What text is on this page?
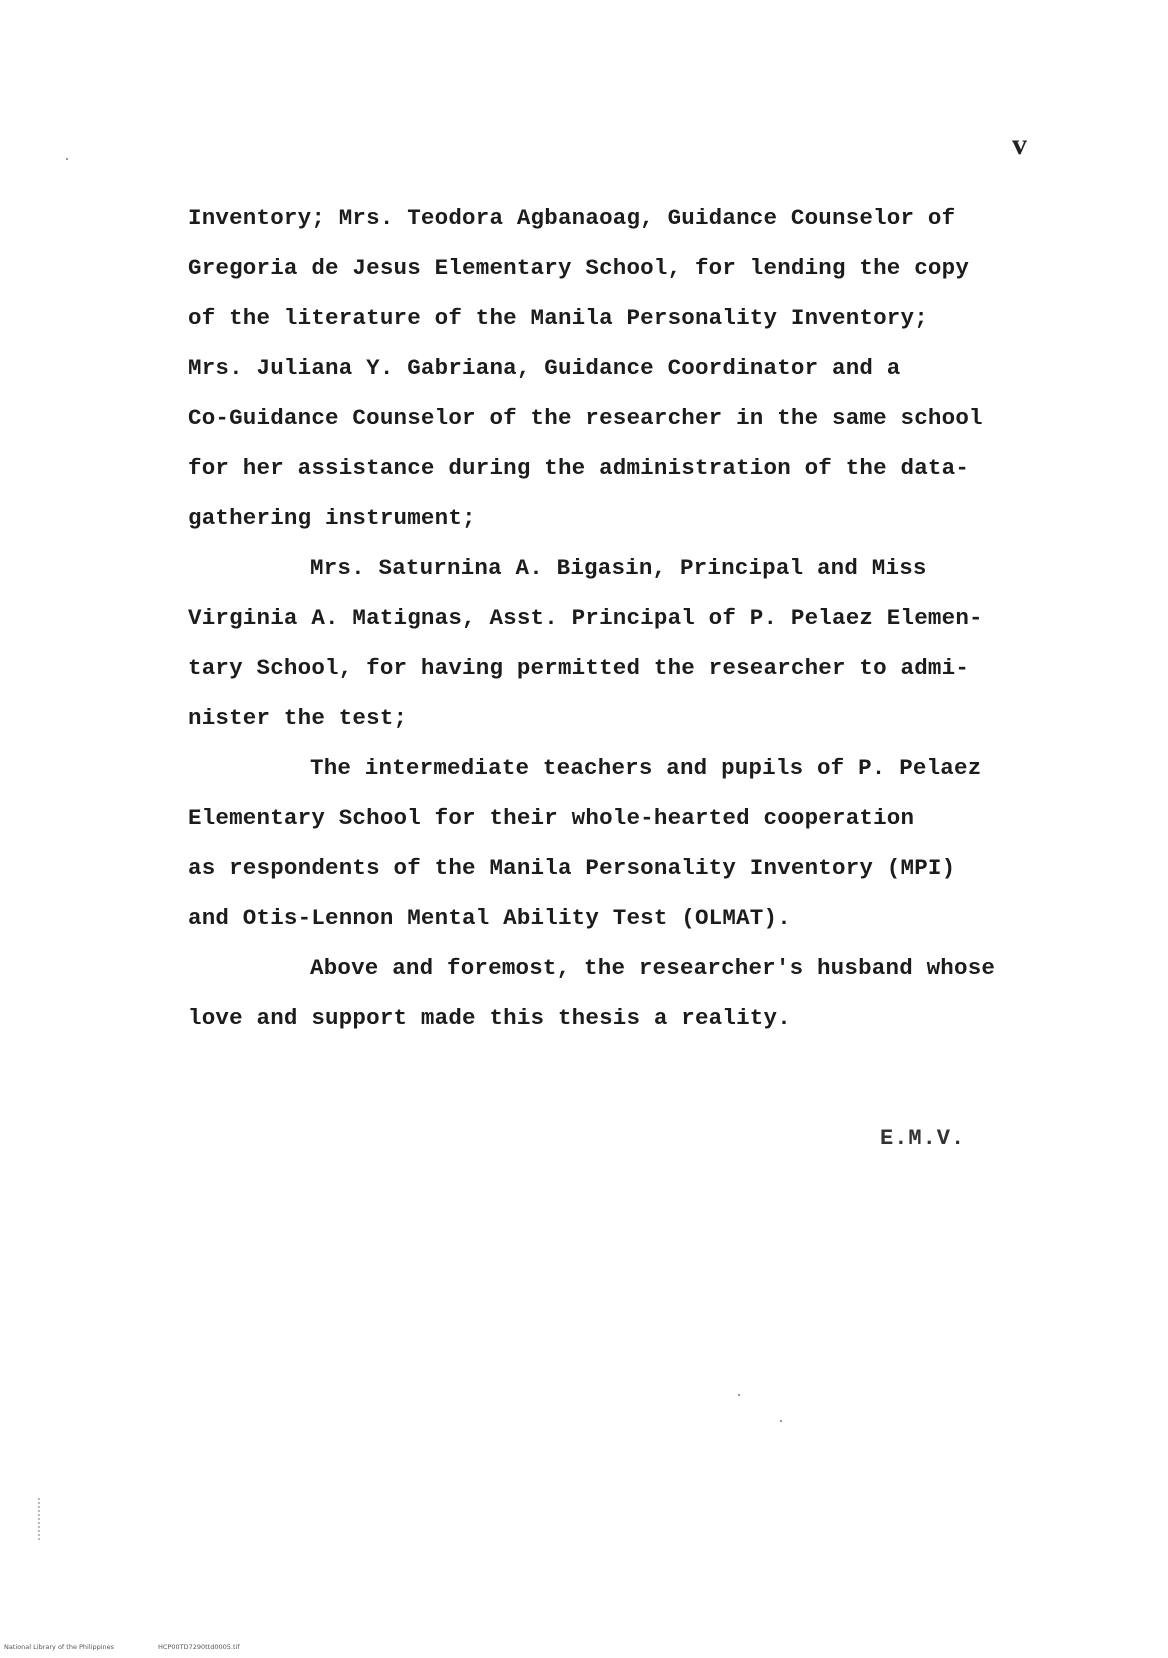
v
Inventory; Mrs. Teodora Agbanaoag, Guidance Counselor of
Gregoria de Jesus Elementary School, for lending the copy
of the literature of the Manila Personality Inventory;
Mrs. Juliana Y. Gabriana, Guidance Coordinator and a
Co-Guidance Counselor of the researcher in the same school
for her assistance during the administration of the data-
gathering instrument;
Mrs. Saturnina A. Bigasin, Principal and Miss
Virginia A. Matignas, Asst. Principal of P. Pelaez Elemen-
tary School, for having permitted the researcher to admi-
nister the test;
The intermediate teachers and pupils of P. Pelaez
Elementary School for their whole-hearted cooperation
as respondents of the Manila Personality Inventory (MPI)
and Otis-Lennon Mental Ability Test (OLMAT).
Above and foremost, the researcher's husband whose
love and support made this thesis a reality.
E.M.V.
National Library of the Philippines	HCP00TD7290ttd0005.tif
